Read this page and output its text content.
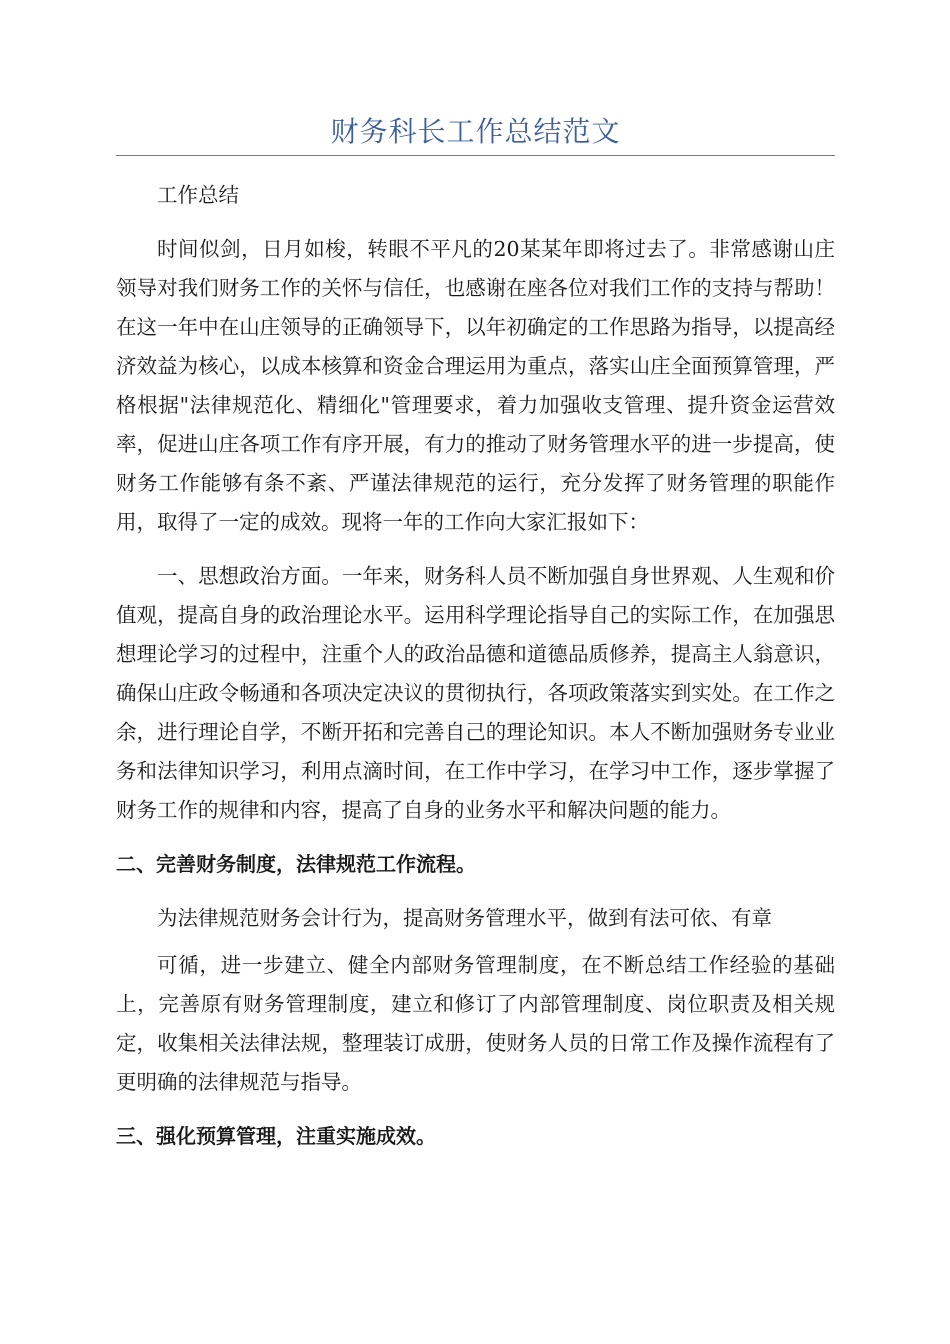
财务科长工作总结范文

工作总结

时间似剑，日月如梭，转眼不平凡的20某某年即将过去了。非常感谢山庄领导对我们财务工作的关怀与信任，也感谢在座各位对我们工作的支持与帮助！在这一年中在山庄领导的正确领导下，以年初确定的工作思路为指导，以提高经济效益为核心，以成本核算和资金合理运用为重点，落实山庄全面预算管理，严格根据"法律规范化、精细化"管理要求，着力加强收支管理、提升资金运营效率，促进山庄各项工作有序开展，有力的推动了财务管理水平的进一步提高，使财务工作能够有条不紊、严谨法律规范的运行，充分发挥了财务管理的职能作用，取得了一定的成效。现将一年的工作向大家汇报如下：

一、思想政治方面。一年来，财务科人员不断加强自身世界观、人生观和价值观，提高自身的政治理论水平。运用科学理论指导自己的实际工作，在加强思想理论学习的过程中，注重个人的政治品德和道德品质修养，提高主人翁意识，确保山庄政令畅通和各项决定决议的贯彻执行，各项政策落实到实处。在工作之余，进行理论自学，不断开拓和完善自己的理论知识。本人不断加强财务专业业务和法律知识学习，利用点滴时间，在工作中学习，在学习中工作，逐步掌握了财务工作的规律和内容，提高了自身的业务水平和解决问题的能力。

二、完善财务制度，法律规范工作流程。

为法律规范财务会计行为，提高财务管理水平，做到有法可依、有章

可循，进一步建立、健全内部财务管理制度，在不断总结工作经验的基础上，完善原有财务管理制度，建立和修订了内部管理制度、岗位职责及相关规定，收集相关法律法规，整理装订成册，使财务人员的日常工作及操作流程有了更明确的法律规范与指导。

三、强化预算管理，注重实施成效。
